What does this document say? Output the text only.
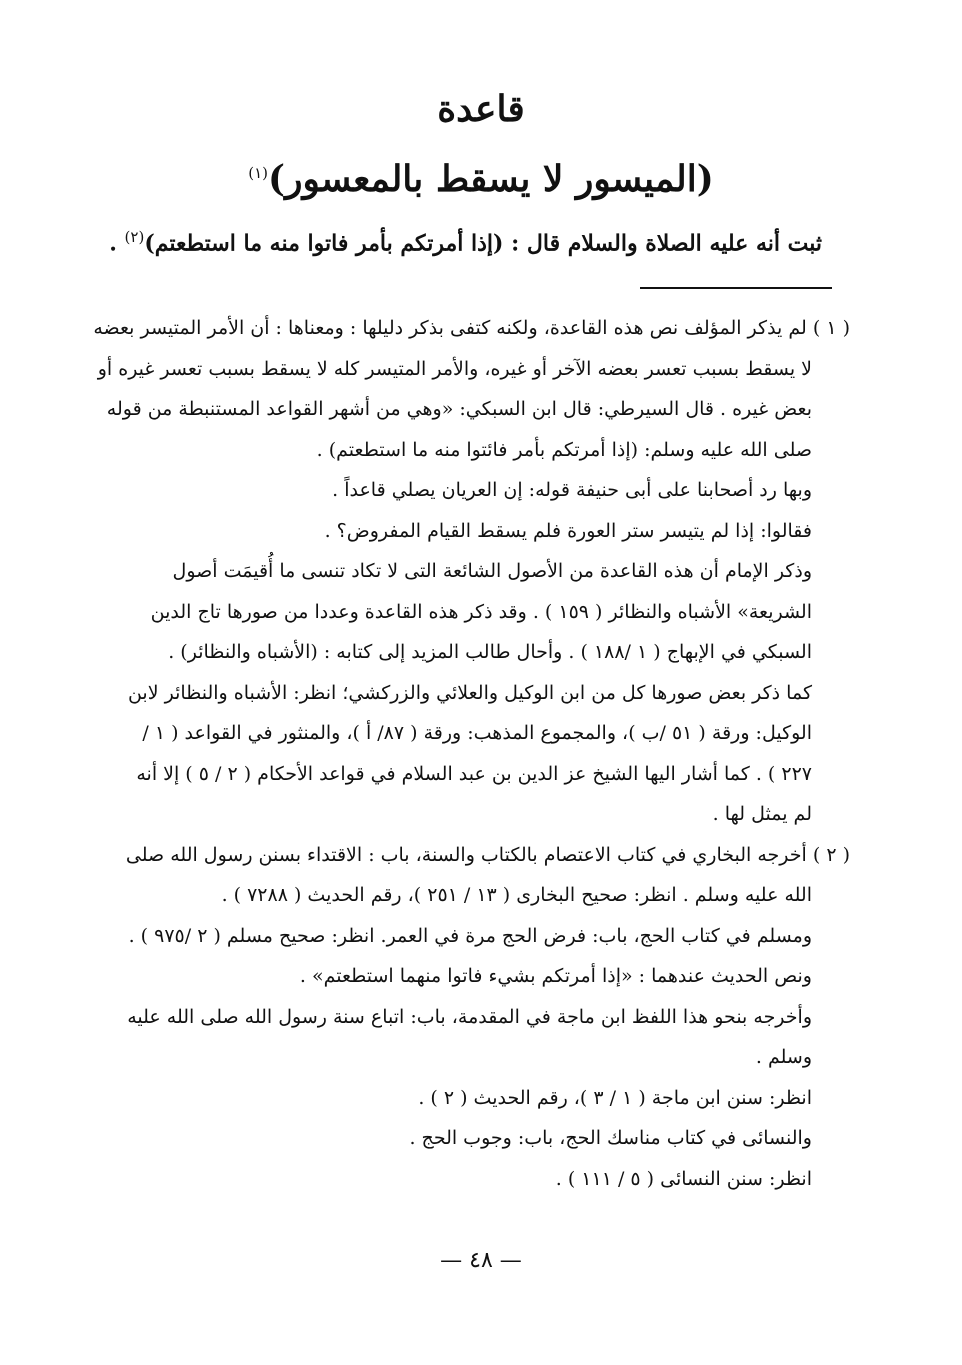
قاعدة
(الميسور لا يسقط بالمعسور)$^{(١)}$
ثبت أنه عليه الصلاة والسلام قال : (إذا أمرتكم بأمر فاتوا منه ما استطعتم)$^{(٢)}$ .
( ١ ) لم يذكر المؤلف نص هذه القاعدة، ولكنه كتفى بذكر دليلها : ومعناها : أن الأمر المتيسر بعضه
لا يسقط بسبب تعسر بعضه الآخر أو غيره، والأمر المتيسر كله لا يسقط بسبب تعسر غيره أو
بعض غيره . قال السيرطي: قال ابن السبكي: «وهي من أشهر القواعد المستنبطة من قوله
صلى الله عليه وسلم: (إذا أمرتكم بأمر فائتوا منه ما استطعتم) .
وبها رد أصحابنا على أبى حنيفة قوله: إن العريان يصلي قاعداً .
فقالوا: إذا لم يتيسر ستر العورة فلم يسقط القيام المفروض؟ .
وذكر الإمام أن هذه القاعدة من الأصول الشائعة التى لا تكاد تنسى ما أُقيمَت أصول
الشريعة» الأشباه والنظائر ( ١٥٩ ) . وقد ذكر هذه القاعدة وعددا من صورها تاج الدين
السبكي في الإبهاج ( ١ /١٨٨ ) . وأحال طالب المزيد إلى كتابه : (الأشباه والنظائر) .
كما ذكر بعض صورها كل من ابن الوكيل والعلائي والزركشي؛ انظر: الأشباه والنظائر لابن
الوكيل: ورقة ( ٥١ /ب )، والمجموع المذهب: ورقة ( ٨٧/ أ )، والمنثور في القواعد ( ١ /
٢٢٧ ) . كما أشار اليها الشيخ عز الدين بن عبد السلام في قواعد الأحكام ( ٢ / ٥ ) إلا أنه
لم يمثل لها .
( ٢ ) أخرجه البخاري في كتاب الاعتصام بالكتاب والسنة، باب : الاقتداء بسنن رسول الله صلى
الله عليه وسلم . انظر: صحيح البخارى ( ١٣ / ٢٥١ )، رقم الحديث ( ٧٢٨٨ ) .
ومسلم في كتاب الحج، باب: فرض الحج مرة في العمر. انظر: صحيح مسلم ( ٢ /٩٧٥ ) .
ونص الحديث عندهما : «إذا أمرتكم بشيء فاتوا منهما استطعتم» .
وأخرجه بنحو هذا اللفظ ابن ماجة في المقدمة، باب: اتباع سنة رسول الله صلى الله عليه
وسلم .
انظر: سنن ابن ماجة ( ١ / ٣ )، رقم الحديث ( ٢ ) .
والنسائى في كتاب مناسك الحج، باب: وجوب الحج .
انظر: سنن النسائى ( ٥ / ١١١ ) .
— ٤٨ —
